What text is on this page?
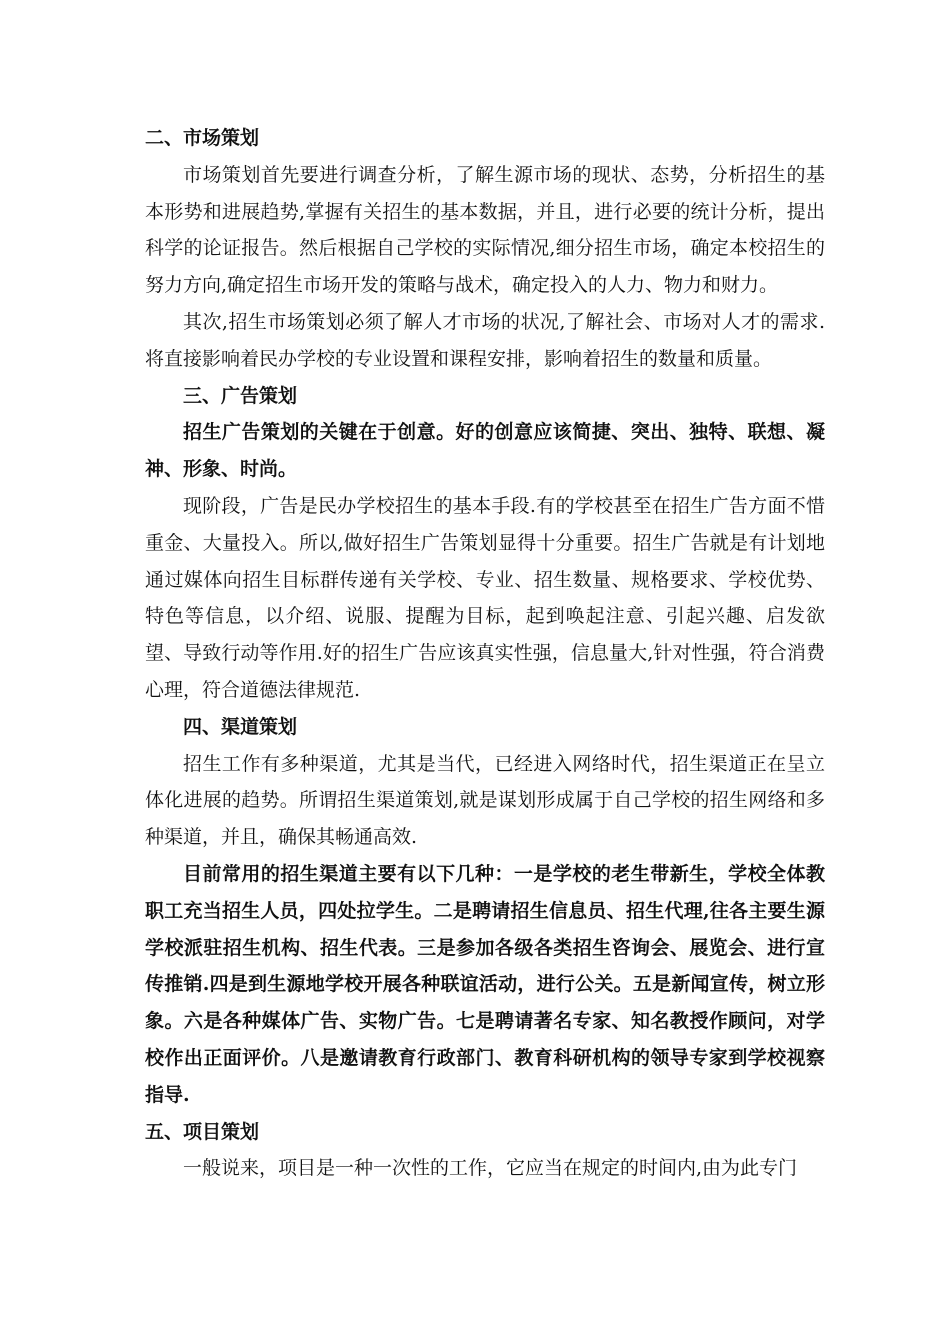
二、市场策划

市场策划首先要进行调查分析，了解生源市场的现状、态势，分析招生的基本形势和进展趋势,掌握有关招生的基本数据，并且，进行必要的统计分析，提出科学的论证报告。然后根据自己学校的实际情况,细分招生市场，确定本校招生的努力方向,确定招生市场开发的策略与战术，确定投入的人力、物力和财力。

其次,招生市场策划必须了解人才市场的状况,了解社会、市场对人才的需求.将直接影响着民办学校的专业设置和课程安排，影响着招生的数量和质量。

三、广告策划

招生广告策划的关键在于创意。好的创意应该简捷、突出、独特、联想、凝神、形象、时尚。

现阶段，广告是民办学校招生的基本手段.有的学校甚至在招生广告方面不惜重金、大量投入。所以,做好招生广告策划显得十分重要。招生广告就是有计划地通过媒体向招生目标群传递有关学校、专业、招生数量、规格要求、学校优势、特色等信息，以介绍、说服、提醒为目标，起到唤起注意、引起兴趣、启发欲望、导致行动等作用.好的招生广告应该真实性强，信息量大,针对性强，符合消费心理，符合道德法律规范.

四、渠道策划

招生工作有多种渠道，尤其是当代，已经进入网络时代，招生渠道正在呈立体化进展的趋势。所谓招生渠道策划,就是谋划形成属于自己学校的招生网络和多种渠道，并且，确保其畅通高效.

目前常用的招生渠道主要有以下几种：一是学校的老生带新生，学校全体教职工充当招生人员，四处拉学生。二是聘请招生信息员、招生代理,往各主要生源学校派驻招生机构、招生代表。三是参加各级各类招生咨询会、展览会、进行宣传推销.四是到生源地学校开展各种联谊活动，进行公关。五是新闻宣传，树立形象。六是各种媒体广告、实物广告。七是聘请著名专家、知名教授作顾问，对学校作出正面评价。八是邀请教育行政部门、教育科研机构的领导专家到学校视察指导.

五、项目策划

一般说来，项目是一种一次性的工作，它应当在规定的时间内,由为此专门
